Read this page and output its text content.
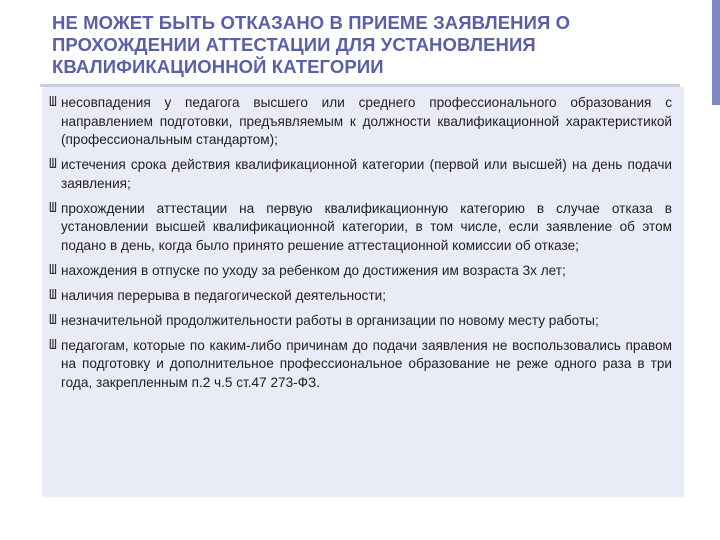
НЕ МОЖЕТ БЫТЬ ОТКАЗАНО В ПРИЕМЕ ЗАЯВЛЕНИЯ О ПРОХОЖДЕНИИ АТТЕСТАЦИИ ДЛЯ УСТАНОВЛЕНИЯ КВАЛИФИКАЦИОННОЙ КАТЕГОРИИ
Ш несовпадения у педагога высшего или среднего профессионального образования с направлением подготовки, предъявляемым к должности квалификационной характеристикой (профессиональным стандартом);
Ш истечения срока действия квалификационной категории (первой или высшей) на день подачи заявления;
Ш прохождении аттестации на первую квалификационную категорию в случае отказа в установлении высшей квалификационной категории, в том числе, если заявление об этом подано в день, когда было принято решение аттестационной комиссии об отказе;
Ш нахождения в отпуске по уходу за ребенком до достижения им возраста 3х лет;
Ш наличия перерыва в педагогической деятельности;
Ш незначительной продолжительности работы в организации по новому месту работы;
Ш педагогам, которые по каким-либо причинам до подачи заявления не воспользовались правом на подготовку и дополнительное профессиональное образование не реже одного раза в три года, закрепленным п.2 ч.5 ст.47 273-ФЗ.
